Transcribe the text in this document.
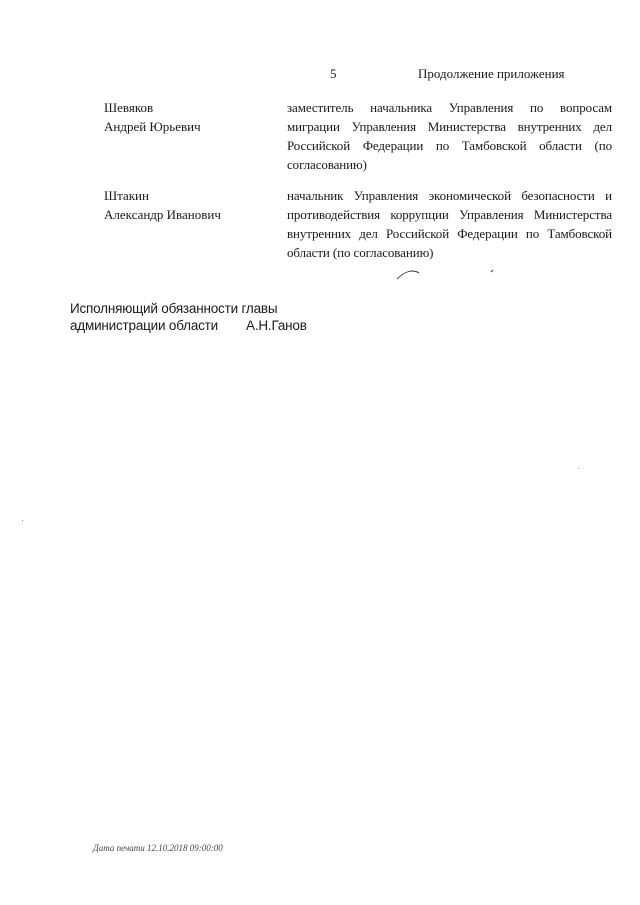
5	Продолжение приложения
Шевяков
Андрей Юрьевич
заместитель начальника Управления по вопросам миграции Управления Министерства внутренних дел Российской Федерации по Тамбовской области (по согласованию)
Штакин
Александр Иванович
начальник Управления экономической безопасности и противодействия коррупции Управления Министерства внутренних дел Российской Федерации по Тамбовской области (по согласованию)
Исполняющий обязанности главы
администрации области А.Н.Ганов
Дата печати 12.10.2018 09:00:00
